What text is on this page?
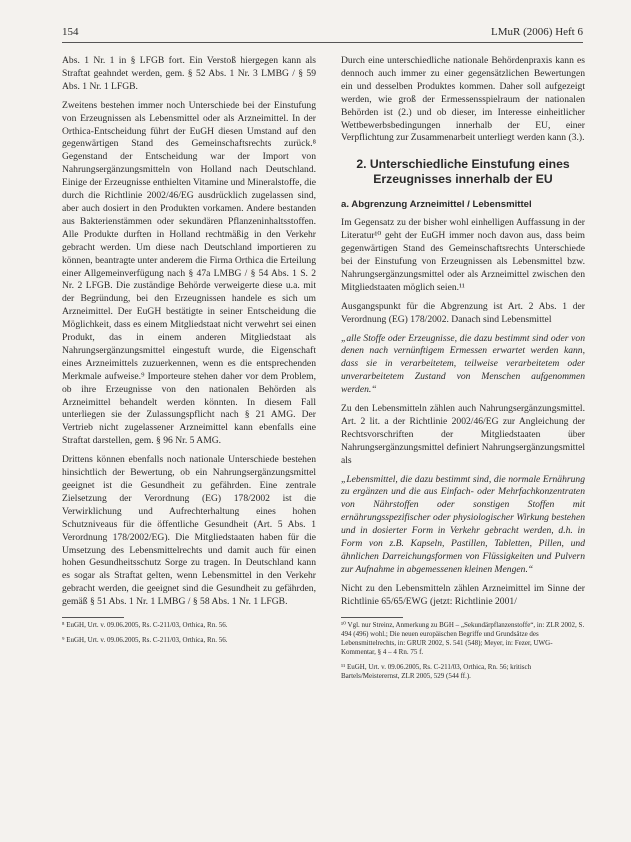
154	LMuR (2006) Heft 6

Abs. 1 Nr. 1 in § LFGB fort. Ein Verstoß hiergegen kann als Straftat geahndet werden, gem. § 52 Abs. 1 Nr. 3 LMBG / § 59 Abs. 1 Nr. 1 LFGB.

Zweitens bestehen immer noch Unterschiede bei der Einstufung von Erzeugnissen als Lebensmittel oder als Arzneimittel. In der Orthica-Entscheidung führt der EuGH diesen Umstand auf den gegenwärtigen Stand des Gemeinschaftsrechts zurück.⁸ Gegenstand der Entscheidung war der Import von Nahrungsergänzungsmitteln von Holland nach Deutschland. Einige der Erzeugnisse enthielten Vitamine und Mineralstoffe, die durch die Richtlinie 2002/46/EG ausdrücklich zugelassen sind, aber auch dosiert in den Produkten vorkamen. Andere bestanden aus Bakterienstämmen oder sekundären Pflanzeninhaltsstoffen. Alle Produkte durften in Holland rechtmäßig in den Verkehr gebracht werden. Um diese nach Deutschland importieren zu können, beantragte unter anderem die Firma Orthica die Erteilung einer Allgemeinverfügung nach § 47a LMBG / § 54 Abs. 1 S. 2 Nr. 2 LFGB. Die zuständige Behörde verweigerte diese u.a. mit der Begründung, bei den Erzeugnissen handele es sich um Arzneimittel. Der EuGH bestätigte in seiner Entscheidung die Möglichkeit, dass es einem Mitgliedstaat nicht verwehrt sei einen Produkt, das in einem anderen Mitgliedstaat als Nahrungsergänzungsmittel eingestuft wurde, die Eigenschaft eines Arzneimittels zuzuerkennen, wenn es die entsprechenden Merkmale aufweise.⁹ Importeure stehen daher vor dem Problem, ob ihre Erzeugnisse von den nationalen Behörden als Arzneimittel behandelt werden könnten. In diesem Fall unterliegen sie der Zulassungspflicht nach § 21 AMG. Der Vertrieb nicht zugelassener Arzneimittel kann ebenfalls eine Straftat darstellen, gem. § 96 Nr. 5 AMG.

Drittens können ebenfalls noch nationale Unterschiede bestehen hinsichtlich der Bewertung, ob ein Nahrungsergänzungsmittel geeignet ist die Gesundheit zu gefährden. Eine zentrale Zielsetzung der Verordnung (EG) 178/2002 ist die Verwirklichung und Aufrechterhaltung eines hohen Schutzniveaus für die öffentliche Gesundheit (Art. 5 Abs. 1 Verordnung 178/2002/EG). Die Mitgliedstaaten haben für die Umsetzung des Lebensmittelrechts und damit auch für einen hohen Gesundheitsschutz Sorge zu tragen. In Deutschland kann es sogar als Straftat gelten, wenn Lebensmittel in den Verkehr gebracht werden, die geeignet sind die Gesundheit zu gefährden, gemäß § 51 Abs. 1 Nr. 1 LMBG / § 58 Abs. 1 Nr. 1 LFGB.

⁸ EuGH, Urt. v. 09.06.2005, Rs. C-211/03, Orthica, Rn. 56.

⁹ EuGH, Urt. v. 09.06.2005, Rs. C-211/03, Orthica, Rn. 56.

Durch eine unterschiedliche nationale Behördenpraxis kann es dennoch auch immer zu einer gegensätzlichen Bewertungen ein und desselben Produktes kommen. Daher soll aufgezeigt werden, wie groß der Ermessensspielraum der nationalen Behörden ist (2.) und ob dieser, im Interesse einheitlicher Wettbewerbsbedingungen innerhalb der EU, einer Verpflichtung zur Zusammenarbeit unterliegt werden kann (3.).

2. Unterschiedliche Einstufung eines Erzeugnisses innerhalb der EU
a. Abgrenzung Arzneimittel / Lebensmittel

Im Gegensatz zu der bisher wohl einhelligen Auffassung in der Literatur¹⁰ geht der EuGH immer noch davon aus, dass beim gegenwärtigen Stand des Gemeinschaftsrechts Unterschiede bei der Einstufung von Erzeugnissen als Lebensmittel bzw. Nahrungsergänzungsmittel oder als Arzneimittel zwischen den Mitgliedstaaten möglich seien.¹¹

Ausgangspunkt für die Abgrenzung ist Art. 2 Abs. 1 der Verordnung (EG) 178/2002. Danach sind Lebensmittel

„alle Stoffe oder Erzeugnisse, die dazu bestimmt sind oder von denen nach vernünftigem Ermessen erwartet werden kann, dass sie in verarbeitetem, teilweise verarbeitetem oder unverarbeitetem Zustand von Menschen aufgenommen werden.“

Zu den Lebensmitteln zählen auch Nahrungsergänzungsmittel. Art. 2 lit. a der Richtlinie 2002/46/EG zur Angleichung der Rechtsvorschriften der Mitgliedstaaten über Nahrungsergänzungsmittel definiert Nahrungsergänzungsmittel als

„Lebensmittel, die dazu bestimmt sind, die normale Ernährung zu ergänzen und die aus Einfach- oder Mehrfachkonzentraten von Nährstoffen oder sonstigen Stoffen mit ernährungsspezifischer oder physiologischer Wirkung bestehen und in dosierter Form in Verkehr gebracht werden, d.h. in Form von z.B. Kapseln, Pastillen, Tabletten, Pillen, und ähnlichen Darreichungsformen von Flüssigkeiten und Pulvern zur Aufnahme in abgemessenen kleinen Mengen.“

Nicht zu den Lebensmitteln zählen Arzneimittel im Sinne der Richtlinie 65/65/EWG (jetzt: Richtlinie 2001/

¹⁰ Vgl. nur Streinz, Anmerkung zu BGH – „Sekundärpflanzenstoffe“, in: ZLR 2002, S. 494 (496) wohl.; Die neuen europäischen Begriffe und Grundsätze des Lebensmittelrechts, in: GRUR 2002, S. 541 (548); Meyer, in: Fezer, UWG-Kommentar, § 4 – 4 Rn. 75 f.

¹¹ EuGH, Urt. v. 09.06.2005, Rs. C-211/03, Orthica, Rn. 56; kritisch Bartels/Meisterernst, ZLR 2005, 529 (544 ff.).
